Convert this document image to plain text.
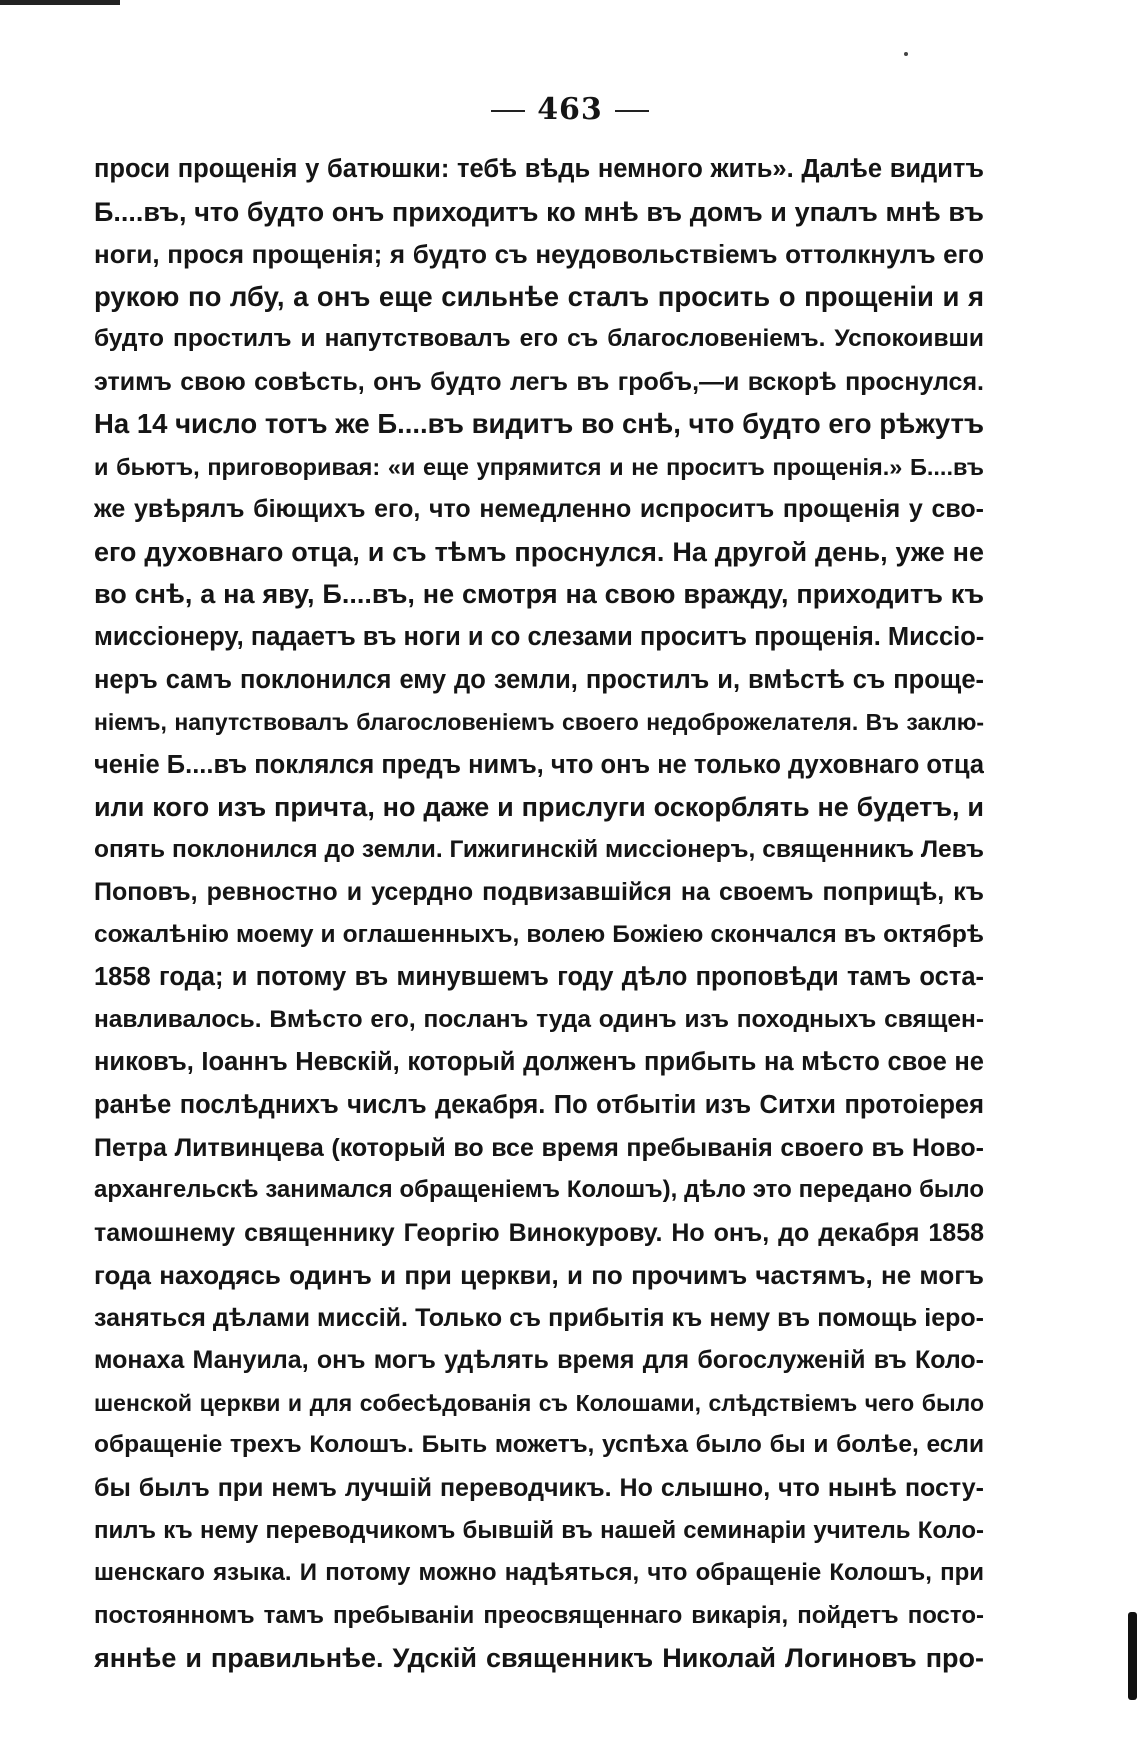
463
проси прощенія у батюшки: тебѣ вѣдь немного жить». Далѣе видитъ
Б....въ, что будто онъ приходитъ ко мнѣ въ домъ и упалъ мнѣ въ
ноги, прося прощенія; я будто съ неудовольствіемъ оттолкнулъ его
рукою по лбу, а онъ еще сильнѣе сталъ просить о прощеніи и я
будто простилъ и напутствовалъ его съ благословеніемъ. Успокоивши
этимъ свою совѣсть, онъ будто легъ въ гробъ,—и вскорѣ проснулся.
На 14 число тотъ же Б....въ видитъ во снѣ, что будто его рѣжутъ
и бьютъ, приговоривая: «и еще упрямится и не проситъ прощенія.» Б....въ
же увѣрялъ біющихъ его, что немедленно испроситъ прощенія у сво-
его духовнаго отца, и съ тѣмъ проснулся. На другой день, уже не
во снѣ, а на яву, Б....въ, не смотря на свою вражду, приходитъ къ
миссіонеру, падаетъ въ ноги и со слезами проситъ прощенія. Миссіо-
неръ самъ поклонился ему до земли, простилъ и, вмѣстѣ съ проще-
ніемъ, напутствовалъ благословеніемъ своего недоброжелателя. Въ заклю-
ченіе Б....въ поклялся предъ нимъ, что онъ не только духовнаго отца
или кого изъ причта, но даже и прислуги оскорблять не будетъ, и
опять поклонился до земли. Гижигинскій миссіонеръ, священникъ Левъ
Поповъ, ревностно и усердно подвизавшійся на своемъ поприщѣ, къ
сожалѣнію моему и оглашенныхъ, волею Божіею скончался въ октябрѣ
1858 года; и потому въ минувшемъ году дѣло проповѣди тамъ оста-
навливалось. Вмѣсто его, посланъ туда одинъ изъ походныхъ священ-
никовъ, Іоаннъ Невскій, который долженъ прибыть на мѣсто свое не
ранѣе послѣднихъ числъ декабря. По отбытіи изъ Ситхи протоіерея
Петра Литвинцева (который во все время пребыванія своего въ Ново-
архангельскѣ занимался обращеніемъ Колошъ), дѣло это передано было
тамошнему священнику Георгію Винокурову. Но онъ, до декабря 1858
года находясь одинъ и при церкви, и по прочимъ частямъ, не могъ
заняться дѣлами миссій. Только съ прибытія къ нему въ помощь іеро-
монаха Мануила, онъ могъ удѣлять время для богослуженій въ Коло-
шенской церкви и для собесѣдованія съ Колошами, слѣдствіемъ чего было
обращеніе трехъ Колошъ. Быть можетъ, успѣха было бы и болѣе, если
бы былъ при немъ лучшій переводчикъ. Но слышно, что нынѣ посту-
пилъ къ нему переводчикомъ бывшій въ нашей семинаріи учитель Коло-
шенскаго языка. И потому можно надѣяться, что обращеніе Колошъ, при
постоянномъ тамъ пребываніи преосвященнаго викарія, пойдетъ посто-
яннѣе и правильнѣе. Удскій священникъ Николай Логиновъ про-
